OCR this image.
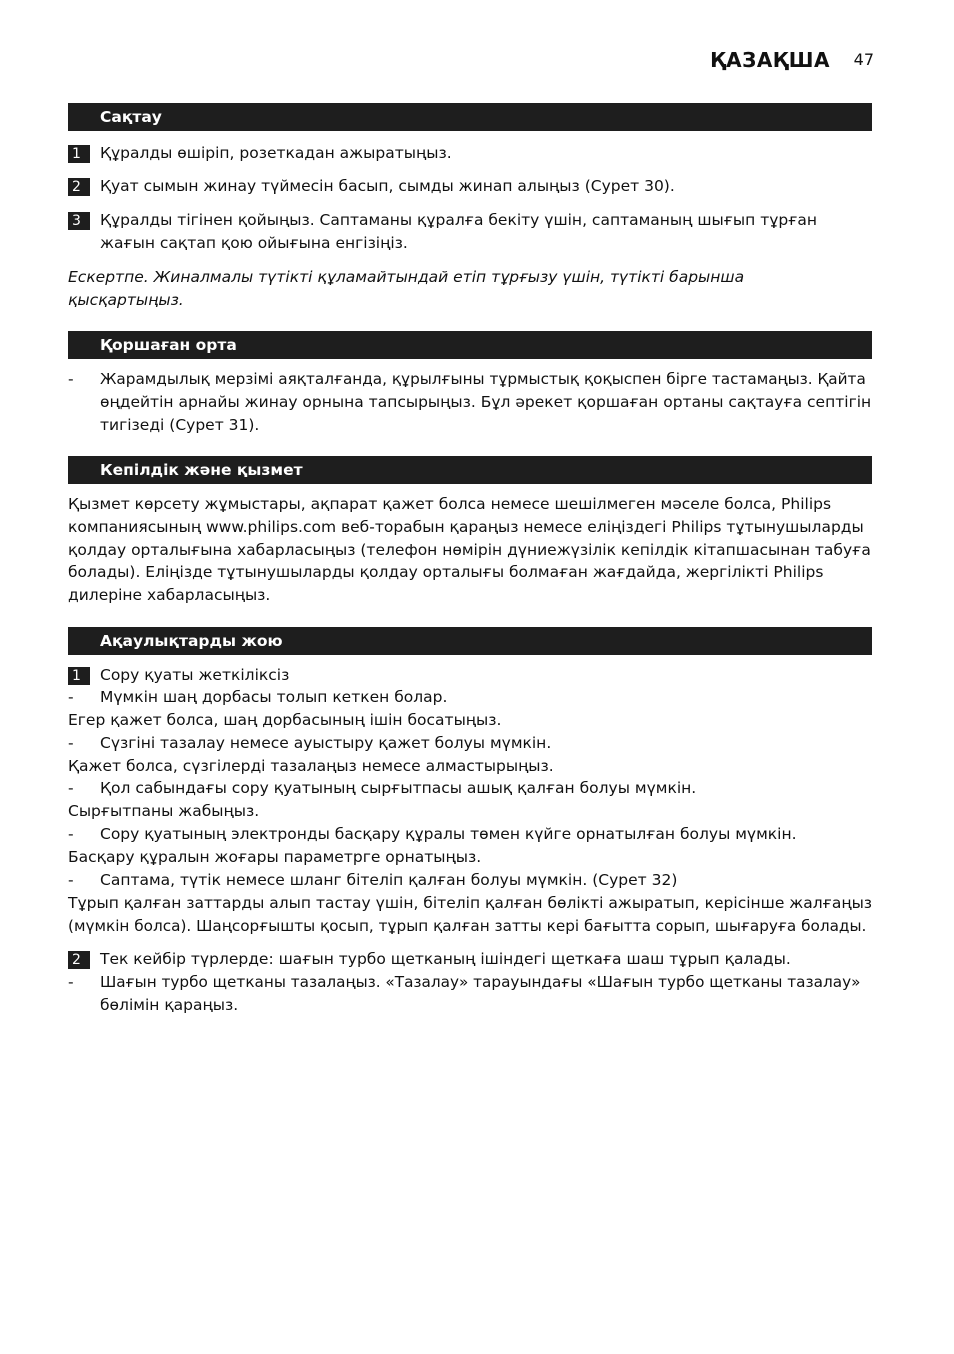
ҚАЗАҚША 47
Сақтау
1	Құралды өшіріп, розеткадан ажыратыңыз.
2	Қуат сымын жинау түймесін басып, сымды жинап алыңыз (Сурет 30).
3	Құралды тігінен қойыңыз. Саптаманы құралға бекіту үшін, саптаманың шығып тұрған
жағын сақтап қою ойығына енгізіңіз.
Ескертпе. Жиналмалы түтікті құламайтындай етіп тұрғызу үшін, түтікті барынша
қысқартыңыз.
Қоршаған орта
- Жарамдылық мерзімі аяқталғанда, құрылғыны тұрмыстық қоқыспен бірге тастамаңыз. Қайта
өңдейтін арнайы жинау орнына тапсырыңыз. Бұл әрекет қоршаған ортаны сақтауға септігін
тигізеді (Сурет 31).
Кепілдік және қызмет
Қызмет көрсету жұмыстары, ақпарат қажет болса немесе шешілмеген мәселе болса, Philips
компаниясының www.philips.com веб-торабын қараңыз немесе еліңіздегі Philips тұтынушыларды
қолдау орталығына хабарласыңыз (телефон нөмірін дүниежүзілік кепілдік кітапшасынан табуға
болады). Еліңізде тұтынушыларды қолдау орталығы болмаған жағдайда, жергілікті Philips
дилеріне хабарласыңыз.
Ақаулықтарды жою
1	Сору қуаты жеткіліксіз
- Мүмкін шаң дорбасы толып кеткен болар.
Егер қажет болса, шаң дорбасының ішін босатыңыз.
- Сүзгіні тазалау немесе ауыстыру қажет болуы мүмкін.
Қажет болса, сүзгілерді тазалаңыз немесе алмастырыңыз.
- Қол сабындағы сору қуатының сырғытпасы ашық қалған болуы мүмкін.
Сырғытпаны жабыңыз.
- Сору қуатының электронды басқару құралы төмен күйге орнатылған болуы мүмкін.
Басқару құралын жоғары параметрге орнатыңыз.
- Саптама, түтік немесе шланг бітеліп қалған болуы мүмкін. (Сурет 32)
Тұрып қалған заттарды алып тастау үшін, бітеліп қалған бөлікті ажыратып, керісінше жалғаңыз
(мүмкін болса). Шаңсорғышты қосып, тұрып қалған затты кері бағытта сорып, шығаруға болады.
2	Тек кейбір түрлерде: шағын турбо щетканың ішіндегі щеткаға шаш тұрып қалады.
- Шағын турбо щетканы тазалаңыз. «Тазалау» тарауындағы «Шағын турбо щетканы тазалау»
бөлімін қараңыз.
